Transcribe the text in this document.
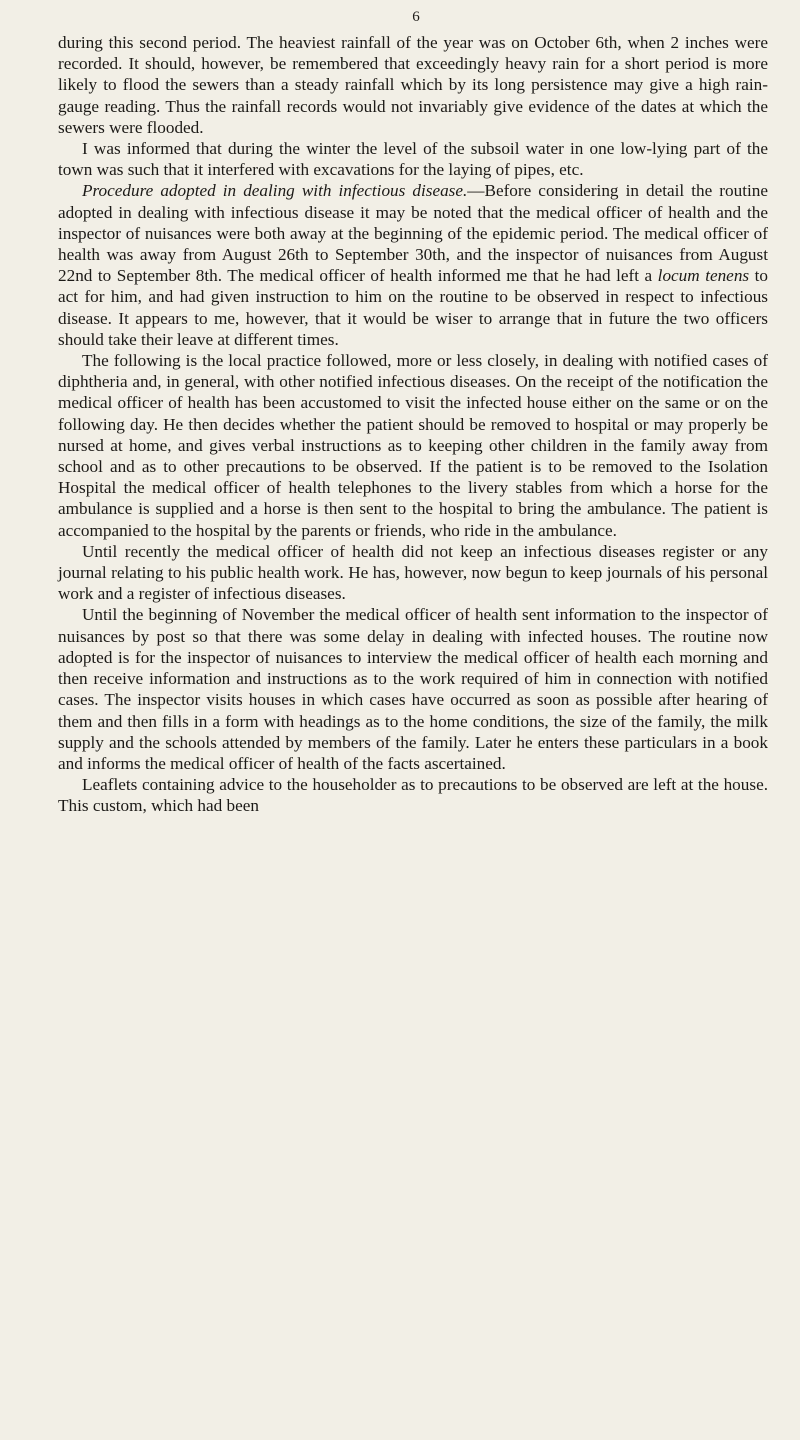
6

during this second period. The heaviest rainfall of the year was on October 6th, when 2 inches were recorded. It should, however, be remembered that exceedingly heavy rain for a short period is more likely to flood the sewers than a steady rainfall which by its long persistence may give a high rain-gauge reading. Thus the rainfall records would not invariably give evidence of the dates at which the sewers were flooded.

I was informed that during the winter the level of the subsoil water in one low-lying part of the town was such that it interfered with excavations for the laying of pipes, etc.

Procedure adopted in dealing with infectious disease.—Before considering in detail the routine adopted in dealing with infectious disease it may be noted that the medical officer of health and the inspector of nuisances were both away at the beginning of the epidemic period. The medical officer of health was away from August 26th to September 30th, and the inspector of nuisances from August 22nd to September 8th. The medical officer of health informed me that he had left a locum tenens to act for him, and had given instruction to him on the routine to be observed in respect to infectious disease. It appears to me, however, that it would be wiser to arrange that in future the two officers should take their leave at different times.

The following is the local practice followed, more or less closely, in dealing with notified cases of diphtheria and, in general, with other notified infectious diseases. On the receipt of the notification the medical officer of health has been accustomed to visit the infected house either on the same or on the following day. He then decides whether the patient should be removed to hospital or may properly be nursed at home, and gives verbal instructions as to keeping other children in the family away from school and as to other precautions to be observed. If the patient is to be removed to the Isolation Hospital the medical officer of health telephones to the livery stables from which a horse for the ambulance is supplied and a horse is then sent to the hospital to bring the ambulance. The patient is accompanied to the hospital by the parents or friends, who ride in the ambulance.

Until recently the medical officer of health did not keep an infectious diseases register or any journal relating to his public health work. He has, however, now begun to keep journals of his personal work and a register of infectious diseases.

Until the beginning of November the medical officer of health sent information to the inspector of nuisances by post so that there was some delay in dealing with infected houses. The routine now adopted is for the inspector of nuisances to interview the medical officer of health each morning and then receive information and instructions as to the work required of him in connection with notified cases. The inspector visits houses in which cases have occurred as soon as possible after hearing of them and then fills in a form with headings as to the home conditions, the size of the family, the milk supply and the schools attended by members of the family. Later he enters these particulars in a book and informs the medical officer of health of the facts ascertained.

Leaflets containing advice to the householder as to precautions to be observed are left at the house. This custom, which had been
